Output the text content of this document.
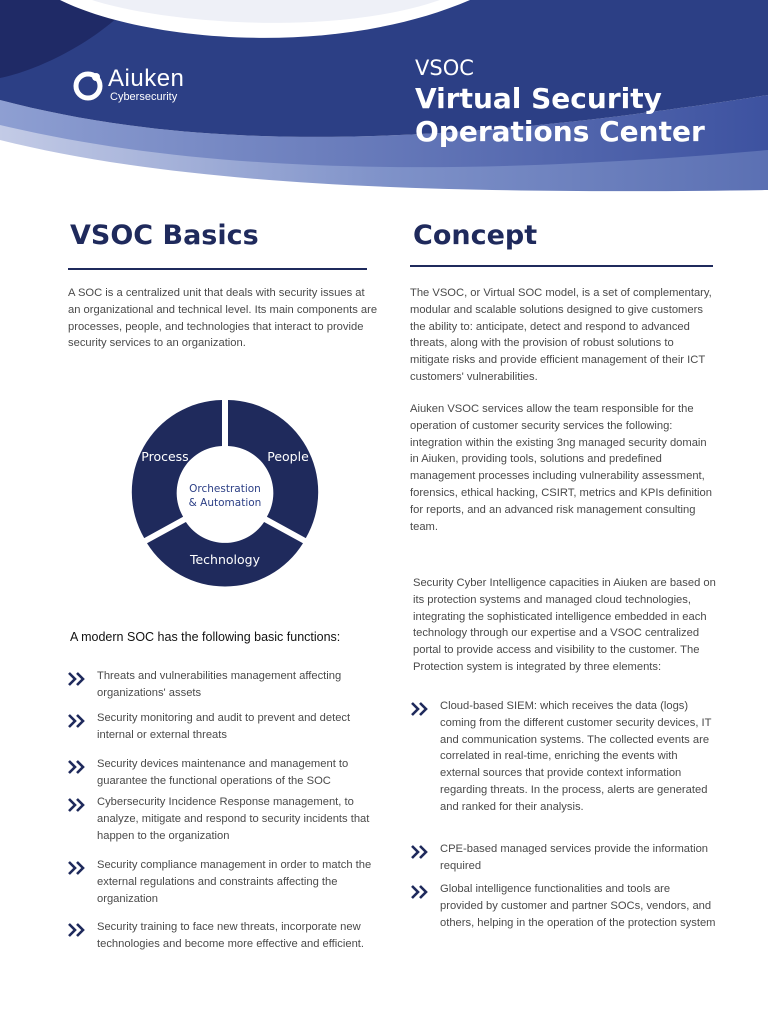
Aiuken
Cybersecurity
VSOC
Virtual Security Operations Center
VSOC Basics
A SOC is a centralized unit that deals with security issues at an organizational and technical level. Its main components are processes, people, and technologies that interact to provide security services to an organization.
Process	People
Technology
Orchestration
& Automation
A modern SOC has the following basic functions:
Threats and vulnerabilities management affecting organizations' assets
Security monitoring and audit to prevent and detect internal or external threats
Security devices maintenance and management to guarantee the functional operations of the SOC
Cybersecurity Incidence Response management, to analyze, mitigate and respond to security incidents that happen to the organization
Security compliance management in order to match the external regulations and constraints affecting the organization
Security training to face new threats, incorporate new technologies and become more effective and efficient.
Concept
The VSOC, or Virtual SOC model, is a set of complementary, modular and scalable solutions designed to give customers the ability to: anticipate, detect and respond to advanced threats, along with the provision of robust solutions to mitigate risks and provide efficient management of their ICT customers' vulnerabilities.
Aiuken VSOC services allow the team responsible for the operation of customer security services the following: integration within the existing 3ng managed security domain in Aiuken, providing tools, solutions and predefined management processes including vulnerability assessment, forensics, ethical hacking, CSIRT, metrics and KPIs definition for reports, and an advanced risk management consulting team.
Security Cyber Intelligence capacities in Aiuken are based on its protection systems and managed cloud technologies, integrating the sophisticated intelligence embedded in each technology through our expertise and a VSOC centralized portal to provide access and visibility to the customer. The Protection system is integrated by three elements:
Cloud-based SIEM: which receives the data (logs) coming from the different customer security devices, IT and communication systems. The collected events are correlated in real-time, enriching the events with external sources that provide context information regarding threats. In the process, alerts are generated and ranked for their analysis.
CPE-based managed services provide the information required
Global intelligence functionalities and tools are provided by customer and partner SOCs, vendors, and others, helping in the operation of the protection system
